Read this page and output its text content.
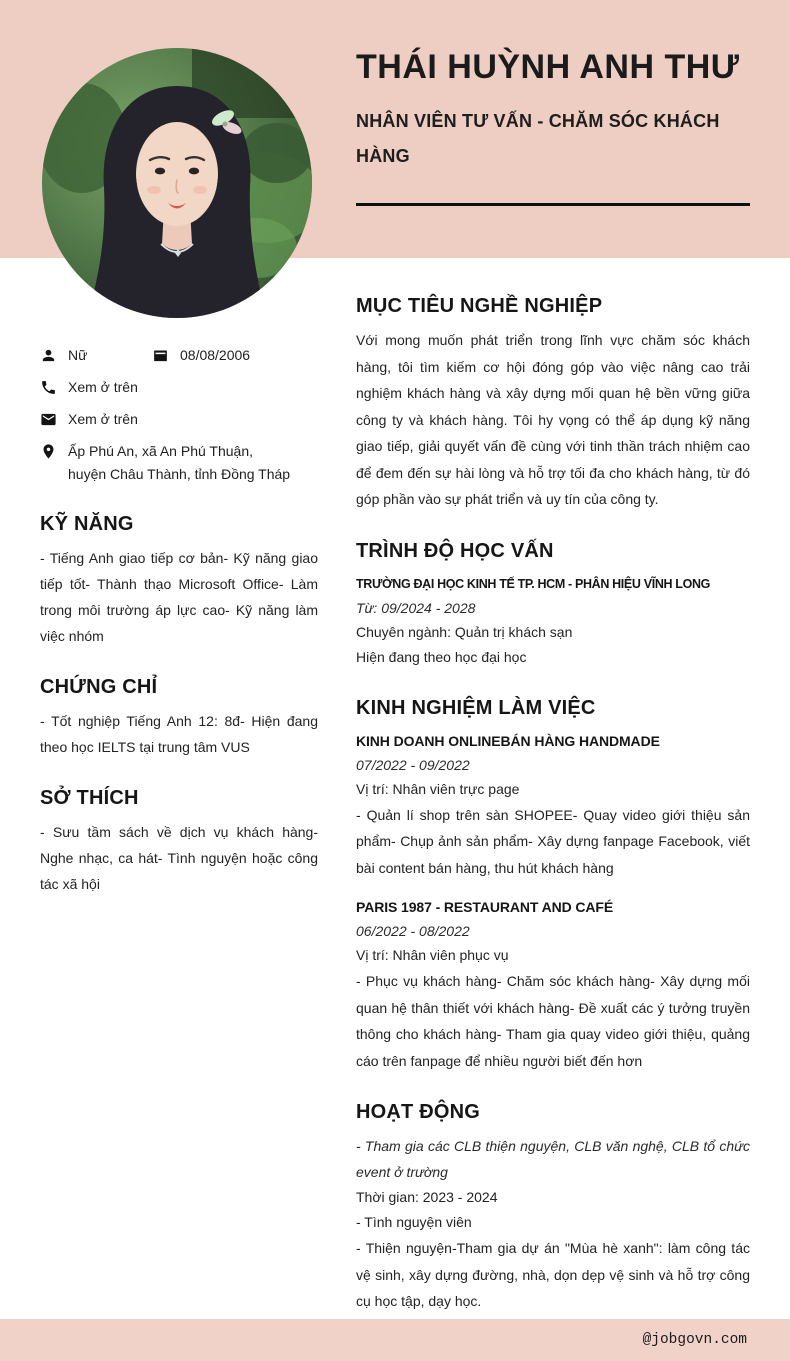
THÁI HUỲNH ANH THƯ
NHÂN VIÊN TƯ VẤN - CHĂM SÓC KHÁCH HÀNG
Nữ	08/08/2006
Xem ở trên
Xem ở trên
Ấp Phú An, xã An Phú Thuận,
huyện Châu Thành, tỉnh Đồng Tháp
KỸ NĂNG
- Tiếng Anh giao tiếp cơ bản- Kỹ năng giao tiếp tốt- Thành thạo Microsoft Office- Làm trong môi trường áp lực cao- Kỹ năng làm việc nhóm
CHỨNG CHỈ
- Tốt nghiệp Tiếng Anh 12: 8đ- Hiện đang theo học IELTS tại trung tâm VUS
SỞ THÍCH
- Sưu tầm sách về dịch vụ khách hàng- Nghe nhạc, ca hát- Tình nguyện hoặc công tác xã hội
MỤC TIÊU NGHỀ NGHIỆP
Với mong muốn phát triển trong lĩnh vực chăm sóc khách hàng, tôi tìm kiếm cơ hội đóng góp vào việc nâng cao trải nghiệm khách hàng và xây dựng mối quan hệ bền vững giữa công ty và khách hàng. Tôi hy vọng có thể áp dụng kỹ năng giao tiếp, giải quyết vấn đề cùng với tinh thần trách nhiệm cao để đem đến sự hài lòng và hỗ trợ tối đa cho khách hàng, từ đó góp phần vào sự phát triển và uy tín của công ty.
TRÌNH ĐỘ HỌC VẤN
TRƯỜNG ĐẠI HỌC KINH TẾ TP. HCM - PHÂN HIỆU VĨNH LONG
Từ: 09/2024 - 2028
Chuyên ngành: Quản trị khách sạn
Hiện đang theo học đại học
KINH NGHIỆM LÀM VIỆC
KINH DOANH ONLINEBÁN HÀNG HANDMADE
07/2022 - 09/2022
Vị trí: Nhân viên trực page
- Quản lí shop trên sàn SHOPEE- Quay video giới thiệu sản phẩm- Chụp ảnh sản phẩm- Xây dựng fanpage Facebook, viết bài content bán hàng, thu hút khách hàng
PARIS 1987 - RESTAURANT AND CAFÉ
06/2022 - 08/2022
Vị trí: Nhân viên phục vụ
- Phục vụ khách hàng- Chăm sóc khách hàng- Xây dựng mối quan hệ thân thiết với khách hàng- Đề xuất các ý tưởng truyền thông cho khách hàng- Tham gia quay video giới thiệu, quảng cáo trên fanpage để nhiều người biết đến hơn
HOẠT ĐỘNG
- Tham gia các CLB thiện nguyện, CLB văn nghệ, CLB tổ chức event ở trường
Thời gian: 2023 - 2024
- Tình nguyện viên
- Thiện nguyện-Tham gia dự án "Mùa hè xanh": làm công tác vệ sinh, xây dựng đường, nhà, dọn dẹp vệ sinh và hỗ trợ công cụ học tập, dạy học.
@jobgovn.com
